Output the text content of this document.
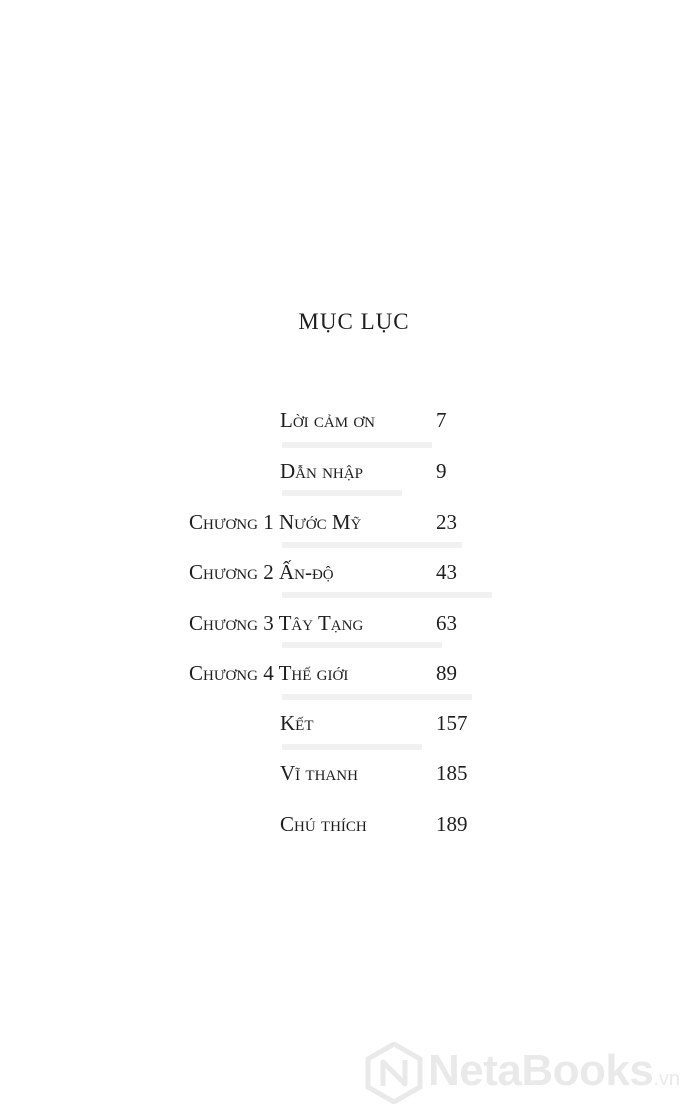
MỤC LỤC
Lời cảm ơn	7
Dẫn nhập	9
Chương 1 Nước Mỹ	23
Chương 2 Ấn-độ	43
Chương 3 Tây Tạng	63
Chương 4 Thế giới	89
Kết	157
Vĩ thanh	185
Chú thích	189
NetaBooks.vn
